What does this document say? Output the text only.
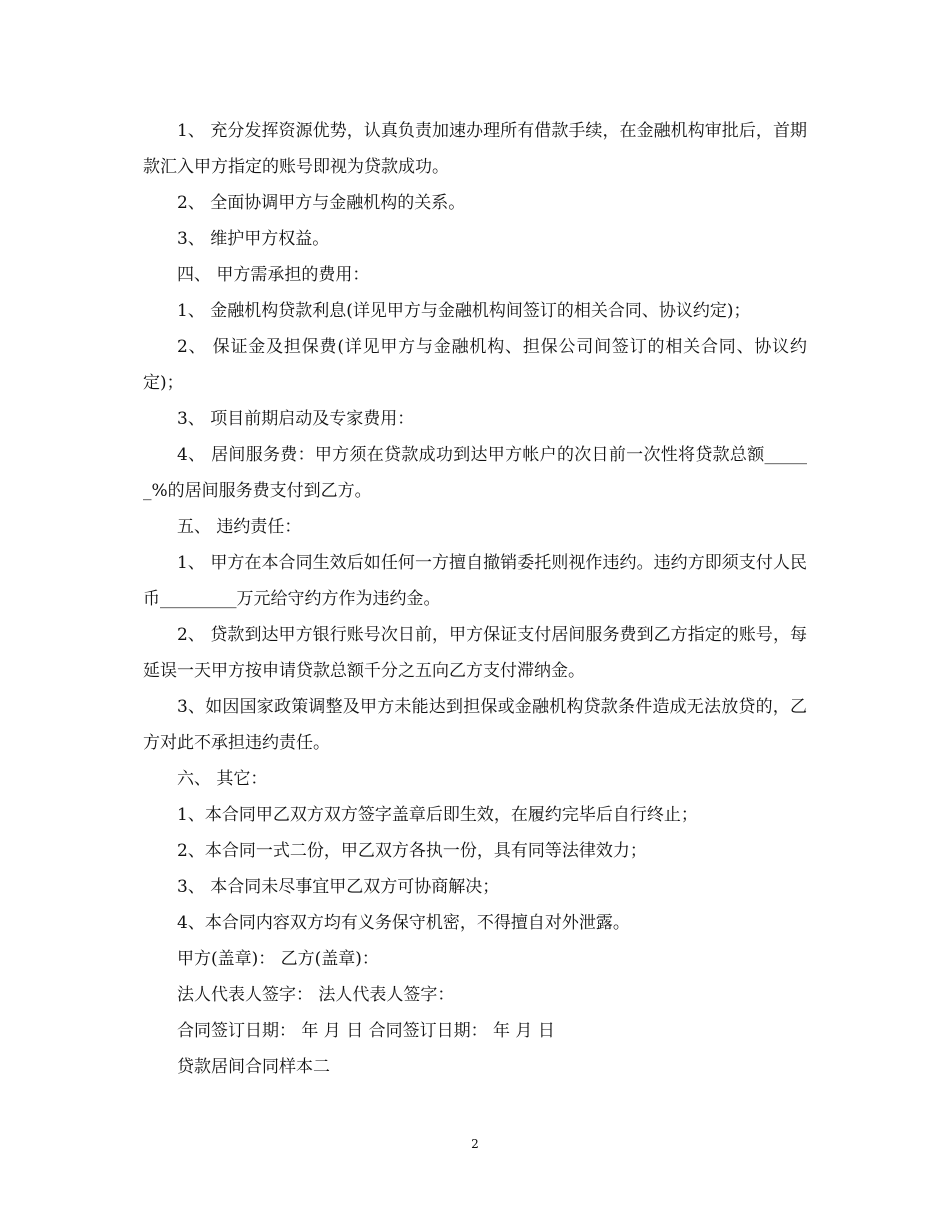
1、 充分发挥资源优势，认真负责加速办理所有借款手续，在金融机构审批后，首期款汇入甲方指定的账号即视为贷款成功。

2、 全面协调甲方与金融机构的关系。

3、 维护甲方权益。

四、 甲方需承担的费用：

1、 金融机构贷款利息(详见甲方与金融机构间签订的相关合同、协议约定)；

2、 保证金及担保费(详见甲方与金融机构、担保公司间签订的相关合同、协议约定)；

3、 项目前期启动及专家费用：

4、 居间服务费：甲方须在贷款成功到达甲方帐户的次日前一次性将贷款总额______%的居间服务费支付到乙方。

五、 违约责任：

1、 甲方在本合同生效后如任何一方擅自撤销委托则视作违约。违约方即须支付人民币_________万元给守约方作为违约金。

2、 贷款到达甲方银行账号次日前，甲方保证支付居间服务费到乙方指定的账号，每延误一天甲方按申请贷款总额千分之五向乙方支付滞纳金。

3、如因国家政策调整及甲方未能达到担保或金融机构贷款条件造成无法放贷的，乙方对此不承担违约责任。

六、 其它：

1、本合同甲乙双方双方签字盖章后即生效，在履约完毕后自行终止；

2、本合同一式二份，甲乙双方各执一份，具有同等法律效力；

3、 本合同未尽事宜甲乙双方可协商解决；

4、本合同内容双方均有义务保守机密，不得擅自对外泄露。

甲方(盖章)： 乙方(盖章)：

法人代表人签字： 法人代表人签字：

合同签订日期： 年 月 日 合同签订日期： 年 月 日

贷款居间合同样本二

2
